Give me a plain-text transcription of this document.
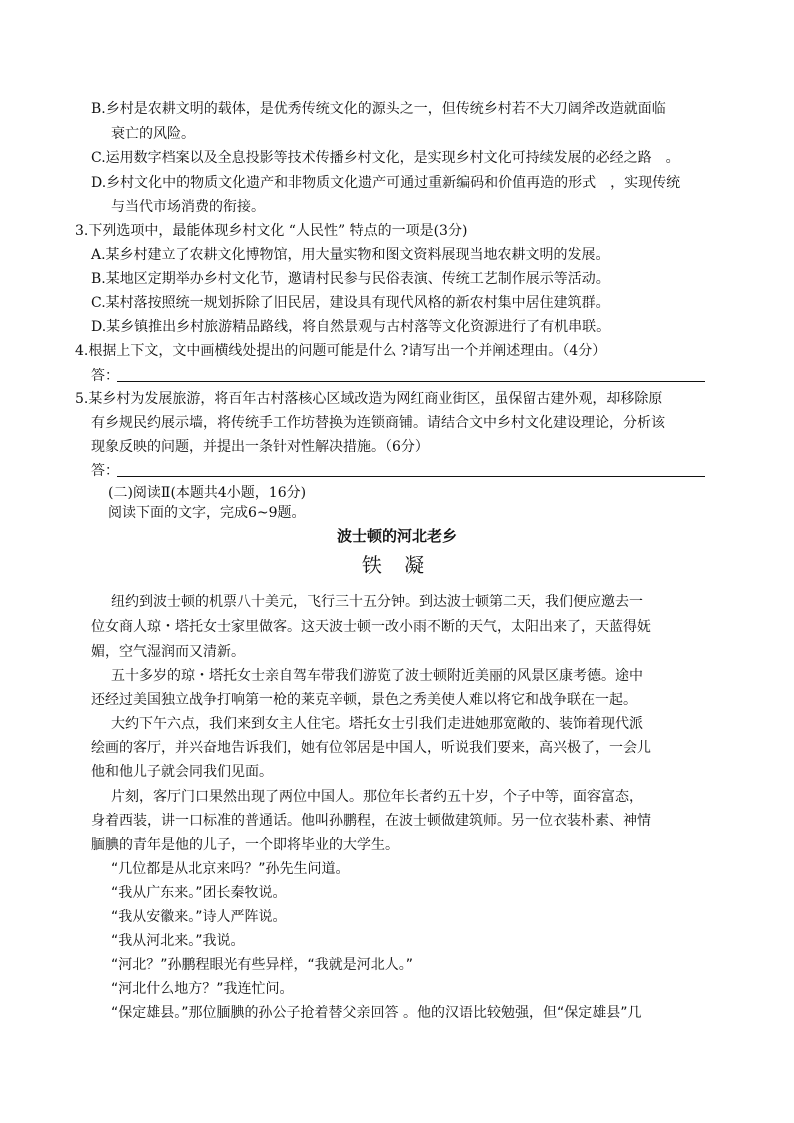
B.乡村是农耕文明的载体，是优秀传统文化的源头之一，但传统乡村若不大刀阔斧改造就面临
衰亡的风险。
C.运用数字档案以及全息投影等技术传播乡村文化，是实现乡村文化可持续发展的必经之路　。
D.乡村文化中的物质文化遗产和非物质文化遗产可通过重新编码和价值再造的形式　，实现传统
与当代市场消费的衔接。
3.下列选项中，最能体现乡村文化 “人民性” 特点的一项是(3分)
A.某乡村建立了农耕文化博物馆，用大量实物和图文资料展现当地农耕文明的发展。
B.某地区定期举办乡村文化节，邀请村民参与民俗表演、传统工艺制作展示等活动。
C.某村落按照统一规划拆除了旧民居，建设具有现代风格的新农村集中居住建筑群。
D.某乡镇推出乡村旅游精品路线，将自然景观与古村落等文化资源进行了有机串联。
4.根据上下文，文中画横线处提出的问题可能是什么 ?请写出一个并阐述理由。（4分）
答：
5.某乡村为发展旅游，将百年古村落核心区域改造为网红商业街区，虽保留古建外观，却移除原
有乡规民约展示墙，将传统手工作坊替换为连锁商铺。请结合文中乡村文化建设理论，分析该
现象反映的问题，并提出一条针对性解决措施。（6分）
答：
(二)阅读Ⅱ(本题共4小题，16分)
阅读下面的文字，完成6~9题。
波士顿的河北老乡
铁 凝
纽约到波士顿的机票八十美元，飞行三十五分钟。到达波士顿第二天，我们便应邀去一
位女商人琼・塔托女士家里做客。这天波士顿一改小雨不断的天气，太阳出来了，天蓝得妩
媚，空气湿润而又清新。
五十多岁的琼・塔托女士亲自驾车带我们游览了波士顿附近美丽的风景区康考德。途中
还经过美国独立战争打响第一枪的莱克辛顿，景色之秀美使人难以将它和战争联在一起。
大约下午六点，我们来到女主人住宅。塔托女士引我们走进她那宽敞的、装饰着现代派
绘画的客厅，并兴奋地告诉我们，她有位邻居是中国人，听说我们要来，高兴极了，一会儿
他和他儿子就会同我们见面。
片刻，客厅门口果然出现了两位中国人。那位年长者约五十岁，个子中等，面容富态，
身着西装，讲一口标准的普通话。他叫孙鹏程，在波士顿做建筑师。另一位衣装朴素、神情
腼腆的青年是他的儿子，一个即将毕业的大学生。
“几位都是从北京来吗？”孙先生问道。
“我从广东来。”团长秦牧说。
“我从安徽来。”诗人严阵说。
“我从河北来。”我说。
“河北？”孙鹏程眼光有些异样，“我就是河北人。”
“河北什么地方？”我连忙问。
“保定雄县。”那位腼腆的孙公子抢着替父亲回答 。他的汉语比较勉强，但“保定雄县”几
